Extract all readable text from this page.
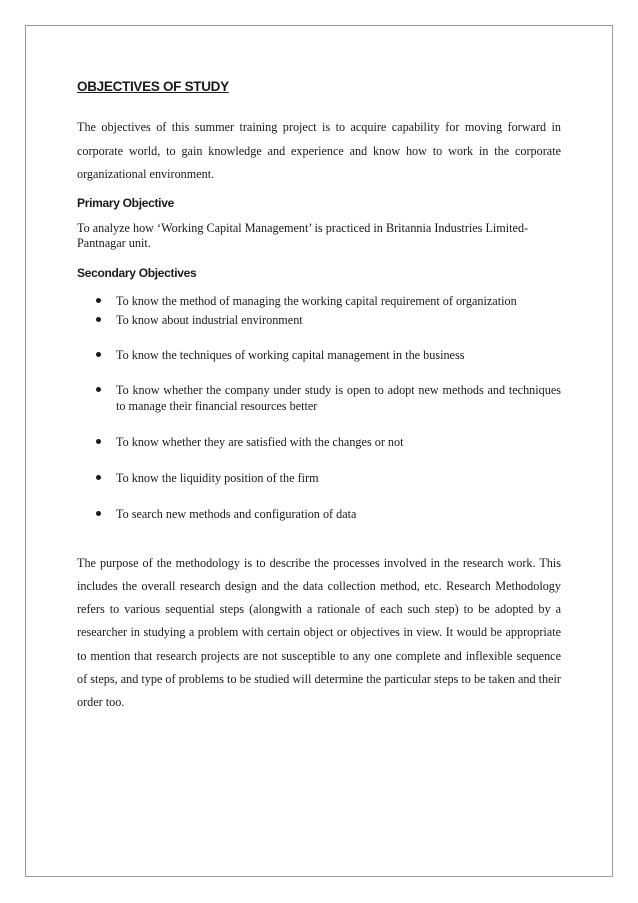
OBJECTIVES OF STUDY

The objectives of this summer training project is to acquire capability for moving forward in corporate world, to gain knowledge and experience and know how to work in the corporate organizational environment.

Primary Objective

To analyze how ‘Working Capital Management’ is practiced in Britannia Industries Limited- Pantnagar unit.

Secondary Objectives
To know the method of managing the working capital requirement of organization
To know about industrial environment
To know the techniques of working capital management in the business
To know whether the company under study is open to adopt new methods and techniques to manage their financial resources better
To know whether they are satisfied with the changes or not
To know the liquidity position of the firm
To search new methods and configuration of data

The purpose of the methodology is to describe the processes involved in the research work. This includes the overall research design and the data collection method, etc. Research Methodology refers to various sequential steps (alongwith a rationale of each such step) to be adopted by a researcher in studying a problem with certain object or objectives in view. It would be appropriate to mention that research projects are not susceptible to any one complete and inflexible sequence of steps, and type of problems to be studied will determine the particular steps to be taken and their order too.
